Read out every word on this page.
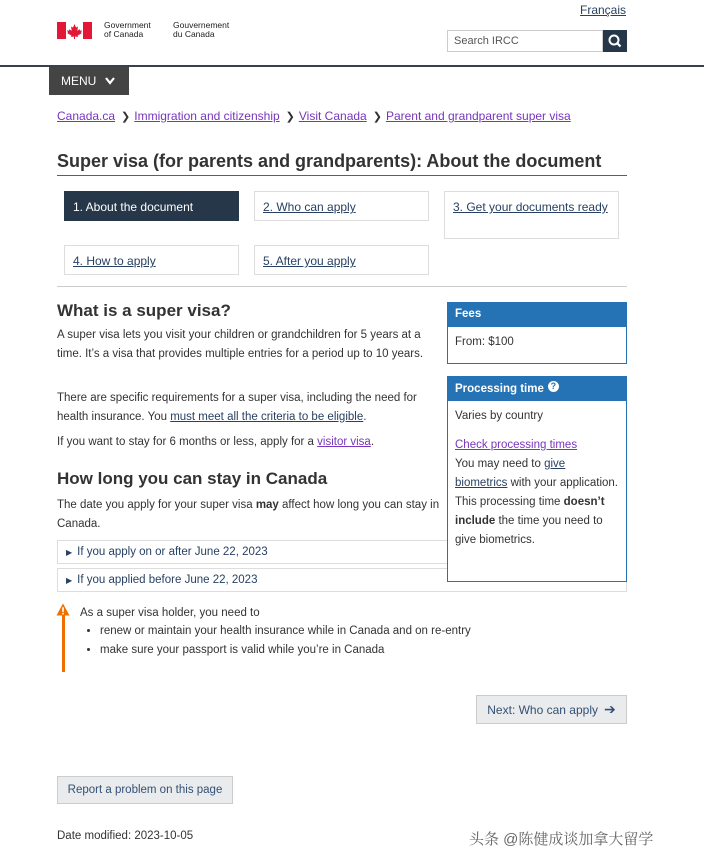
Français
Government
of Canada
Gouvernement
du Canada
Search IRCC
MENU
Canada.ca ❯ Immigration and citizenship ❯ Visit Canada ❯ Parent and grandparent super visa
Super visa (for parents and grandparents): About the document
1. About the document	2. Who can apply	3. Get your documents ready
4. How to apply	5. After you apply
What is a super visa?
A super visa lets you visit your children or grandchildren for 5 years at a time. It’s a visa that provides multiple entries for a period up to 10 years.
There are specific requirements for a super visa, including the need for health insurance. You must meet all the criteria to be eligible.
If you want to stay for 6 months or less, apply for a visitor visa.
How long you can stay in Canada
The date you apply for your super visa may affect how long you can stay in Canada.
▶ If you apply on or after June 22, 2023
▶ If you applied before June 22, 2023
As a super visa holder, you need to
• renew or maintain your health insurance while in Canada and on re-entry
• make sure your passport is valid while you’re in Canada
Fees
From: $100
Processing time ?
Varies by country
Check processing times
You may need to give biometrics with your application. This processing time doesn’t include the time you need to give biometrics.
Next: Who can apply ➔
Report a problem on this page
Date modified: 2023-10-05	头条 @陈健成谈加拿大留学
